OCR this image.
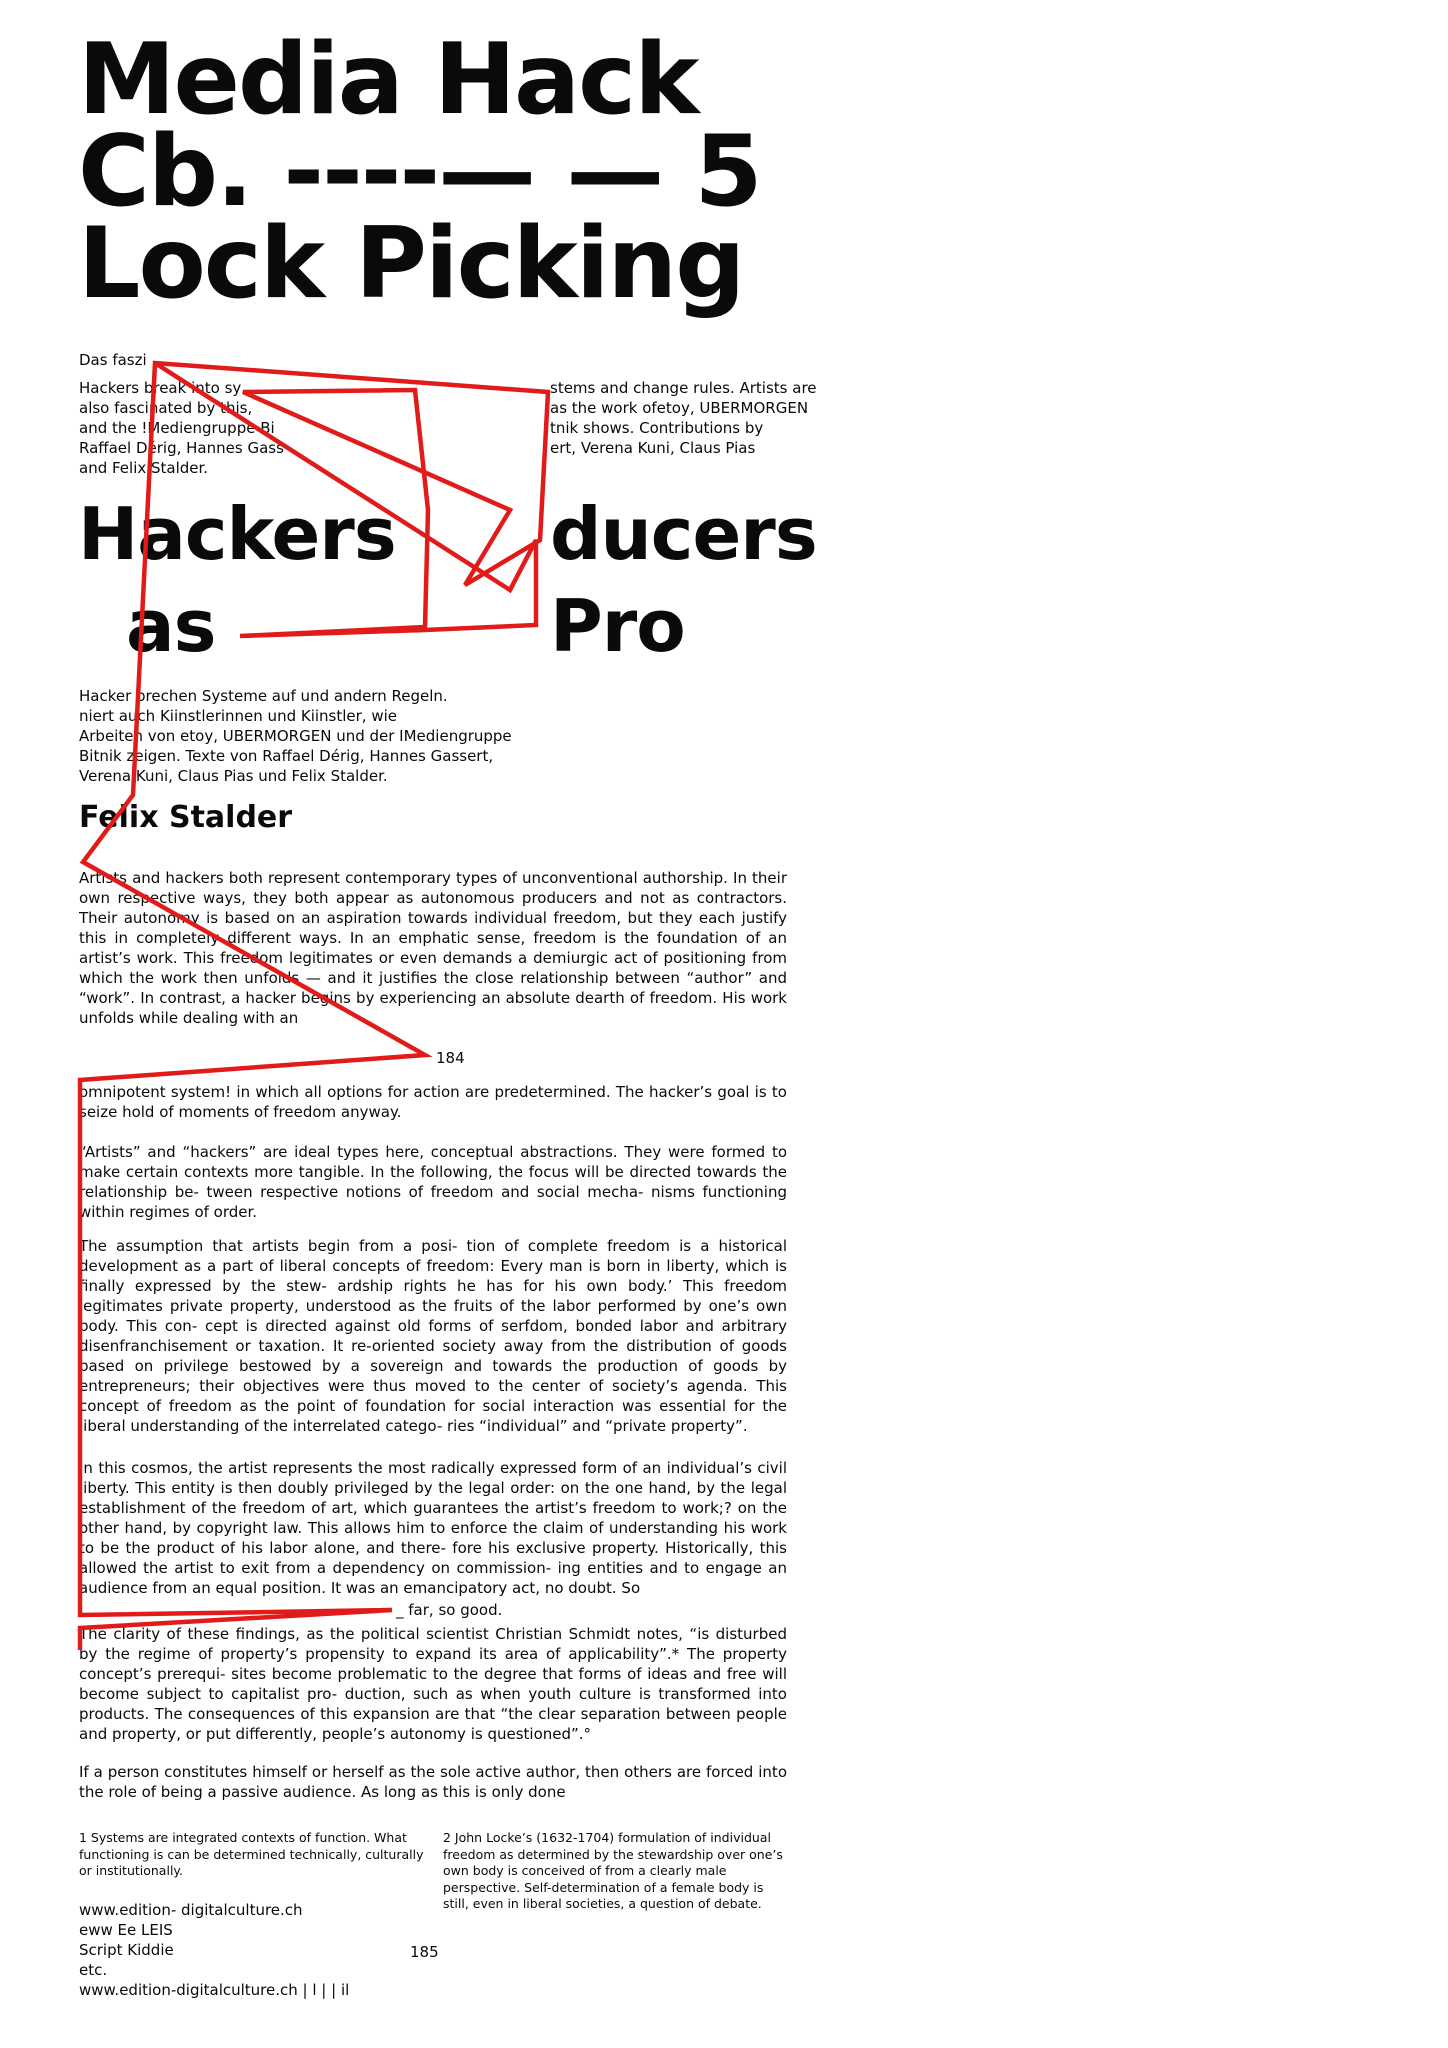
Media Hack
Cb. ----— — 5
Lock Picking
Das faszi
Hackers break into sy
also fascinated by this,
and the !Mediengruppe Bi
Raffael Dérig, Hannes Gass
and Felix Stalder.
stems and change rules. Artists are
as the work ofetoy, UBERMORGEN
tnik shows. Contributions by
ert, Verena Kuni, Claus Pias
Hackers
as
ducers
Pro
Hacker brechen Systeme auf und andern Regeln.
niert auch Kiinstlerinnen und Kiinstler, wie
Arbeiten von etoy, UBERMORGEN und der IMediengruppe
Bitnik zeigen. Texte von Raffael Dérig, Hannes Gassert,
Verena Kuni, Claus Pias und Felix Stalder.
Felix Stalder

Artists and hackers both represent contemporary types of unconventional authorship. In their own respective ways, they both appear as autonomous producers and not as contractors. Their autonomy is based on an aspiration towards individual freedom, but they each justify this in completely different ways. In an emphatic sense, freedom is the foundation of an artist’s work. This freedom legitimates or even demands a demiurgic act of positioning from which the work then unfolds — and it justifies the close relationship between “author” and “work”. In contrast, a hacker begins by experiencing an absolute dearth of freedom. His work unfolds while dealing with an

184

omnipotent system! in which all options for action are predetermined. The hacker’s goal is to seize hold of moments of freedom anyway.

“Artists” and “hackers” are ideal types here, conceptual abstractions. They were formed to make certain contexts more tangible. In the following, the focus will be directed towards the relationship be- tween respective notions of freedom and social mecha- nisms functioning within regimes of order.

The assumption that artists begin from a posi- tion of complete freedom is a historical development as a part of liberal concepts of freedom: Every man is born in liberty, which is finally expressed by the stew- ardship rights he has for his own body.’ This freedom legitimates private property, understood as the fruits of the labor performed by one’s own body. This con- cept is directed against old forms of serfdom, bonded labor and arbitrary disenfranchisement or taxation. It re-oriented society away from the distribution of goods based on privilege bestowed by a sovereign and towards the production of goods by entrepreneurs; their objectives were thus moved to the center of society’s agenda. This concept of freedom as the point of foundation for social interaction was essential for the liberal understanding of the interrelated catego- ries “individual” and “private property”.

In this cosmos, the artist represents the most radically expressed form of an individual’s civil liberty. This entity is then doubly privileged by the legal order: on the one hand, by the legal establishment of the freedom of art, which guarantees the artist’s freedom to work;? on the other hand, by copyright law. This allows him to enforce the claim of understanding his work to be the product of his labor alone, and there- fore his exclusive property. Historically, this allowed the artist to exit from a dependency on commission- ing entities and to engage an audience from an equal position. It was an emancipatory act, no doubt. So

_ far, so good.

The clarity of these findings, as the political scientist Christian Schmidt notes, “is disturbed by the regime of property’s propensity to expand its area of applicability”.* The property concept’s prerequi- sites become problematic to the degree that forms of ideas and free will become subject to capitalist pro- duction, such as when youth culture is transformed into products. The consequences of this expansion are that “the clear separation between people and property, or put differently, people’s autonomy is questioned”.°

If a person constitutes himself or herself as the sole active author, then others are forced into the role of being a passive audience. As long as this is only done

1 Systems are integrated contexts of function. What
functioning is can be determined technically, culturally
or institutionally.
2 John Locke’s (1632-1704) formulation of individual
freedom as determined by the stewardship over one’s
own body is conceived of from a clearly male
perspective. Self-determination of a female body is
still, even in liberal societies, a question of debate.
www.edition- digitalculture.ch
eww Ee LEIS
Script Kiddie
etc.
www.edition-digitalculture.ch | l | | il
185
